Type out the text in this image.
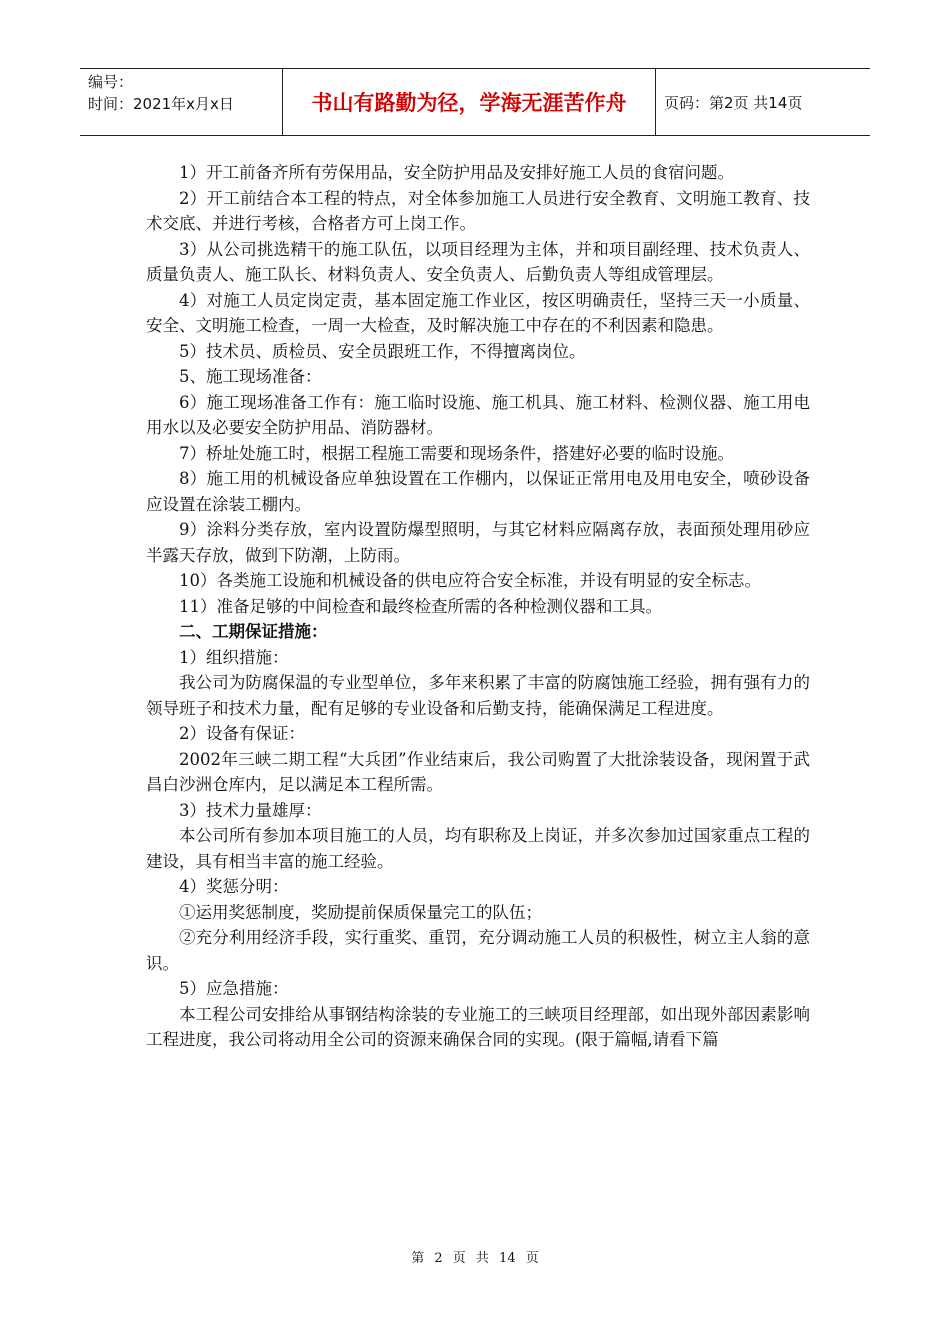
编号：
时间：2021年x月x日	书山有路勤为径，学海无涯苦作舟	页码：第2页 共14页

1）开工前备齐所有劳保用品，安全防护用品及安排好施工人员的食宿问题。

2）开工前结合本工程的特点，对全体参加施工人员进行安全教育、文明施工教育、技术交底、并进行考核，合格者方可上岗工作。

3）从公司挑选精干的施工队伍，以项目经理为主体，并和项目副经理、技术负责人、质量负责人、施工队长、材料负责人、安全负责人、后勤负责人等组成管理层。

4）对施工人员定岗定责，基本固定施工作业区，按区明确责任，坚持三天一小质量、安全、文明施工检查，一周一大检查，及时解决施工中存在的不利因素和隐患。

5）技术员、质检员、安全员跟班工作，不得擅离岗位。

5、施工现场准备：

6）施工现场准备工作有：施工临时设施、施工机具、施工材料、检测仪器、施工用电用水以及必要安全防护用品、消防器材。

7）桥址处施工时，根据工程施工需要和现场条件，搭建好必要的临时设施。

8）施工用的机械设备应单独设置在工作棚内，以保证正常用电及用电安全，喷砂设备应设置在涂装工棚内。

9）涂料分类存放，室内设置防爆型照明，与其它材料应隔离存放，表面预处理用砂应半露天存放，做到下防潮，上防雨。

10）各类施工设施和机械设备的供电应符合安全标准，并设有明显的安全标志。

11）准备足够的中间检查和最终检查所需的各种检测仪器和工具。

二、工期保证措施：

1）组织措施：

我公司为防腐保温的专业型单位，多年来积累了丰富的防腐蚀施工经验，拥有强有力的领导班子和技术力量，配有足够的专业设备和后勤支持，能确保满足工程进度。

2）设备有保证：

2002年三峡二期工程“大兵团”作业结束后，我公司购置了大批涂装设备，现闲置于武昌白沙洲仓库内，足以满足本工程所需。

3）技术力量雄厚：

本公司所有参加本项目施工的人员，均有职称及上岗证，并多次参加过国家重点工程的建设，具有相当丰富的施工经验。

4）奖惩分明：

①运用奖惩制度，奖励提前保质保量完工的队伍；

②充分利用经济手段，实行重奖、重罚，充分调动施工人员的积极性，树立主人翁的意识。

5）应急措施：

本工程公司安排给从事钢结构涂装的专业施工的三峡项目经理部，如出现外部因素影响工程进度，我公司将动用全公司的资源来确保合同的实现。(限于篇幅,请看下篇

第 2 页 共 14 页
